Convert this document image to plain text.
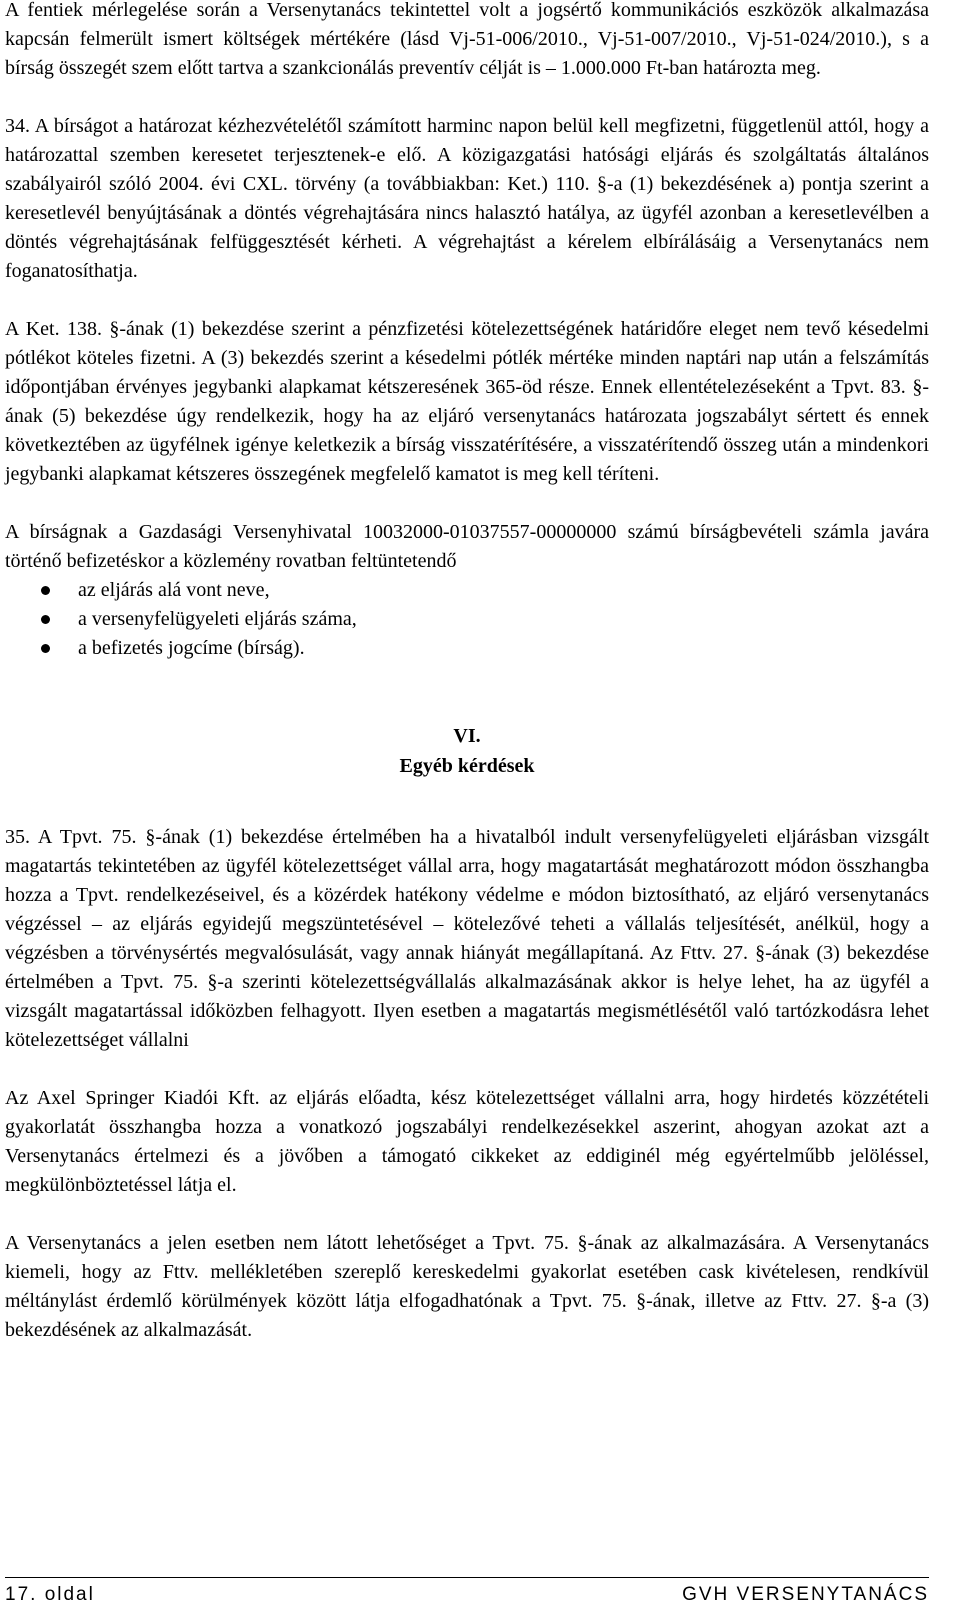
A fentiek mérlegelése során a Versenytanács tekintettel volt a jogsértő kommunikációs eszközök alkalmazása kapcsán felmerült ismert költségek mértékére (lásd Vj-51-006/2010., Vj-51-007/2010., Vj-51-024/2010.), s a bírság összegét szem előtt tartva a szankcionálás preventív célját is – 1.000.000 Ft-ban határozta meg.

34. A bírságot a határozat kézhezvételétől számított harminc napon belül kell megfizetni, függetlenül attól, hogy a határozattal szemben keresetet terjesztenek-e elő. A közigazgatási hatósági eljárás és szolgáltatás általános szabályairól szóló 2004. évi CXL. törvény (a továbbiakban: Ket.) 110. §-a (1) bekezdésének a) pontja szerint a keresetlevél benyújtásának a döntés végrehajtására nincs halasztó hatálya, az ügyfél azonban a keresetlevélben a döntés végrehajtásának felfüggesztését kérheti. A végrehajtást a kérelem elbírálásáig a Versenytanács nem foganatosíthatja.

A Ket. 138. §-ának (1) bekezdése szerint a pénzfizetési kötelezettségének határidőre eleget nem tevő késedelmi pótlékot köteles fizetni. A (3) bekezdés szerint a késedelmi pótlék mértéke minden naptári nap után a felszámítás időpontjában érvényes jegybanki alapkamat kétszeresének 365-öd része. Ennek ellentételezéseként a Tpvt. 83. §-ának (5) bekezdése úgy rendelkezik, hogy ha az eljáró versenytanács határozata jogszabályt sértett és ennek következtében az ügyfélnek igénye keletkezik a bírság visszatérítésére, a visszatérítendő összeg után a mindenkori jegybanki alapkamat kétszeres összegének megfelelő kamatot is meg kell téríteni.

A bírságnak a Gazdasági Versenyhivatal 10032000-01037557-00000000 számú bírságbevételi számla javára történő befizetéskor a közlemény rovatban feltüntetendő

az eljárás alá vont neve,
a versenyfelügyeleti eljárás száma,
a befizetés jogcíme (bírság).
VI.
Egyéb kérdések

35. A Tpvt. 75. §-ának (1) bekezdése értelmében ha a hivatalból indult versenyfelügyeleti eljárásban vizsgált magatartás tekintetében az ügyfél kötelezettséget vállal arra, hogy magatartását meghatározott módon összhangba hozza a Tpvt. rendelkezéseivel, és a közérdek hatékony védelme e módon biztosítható, az eljáró versenytanács végzéssel – az eljárás egyidejű megszüntetésével – kötelezővé teheti a vállalás teljesítését, anélkül, hogy a végzésben a törvénysértés megvalósulását, vagy annak hiányát megállapítaná. Az Fttv. 27. §-ának (3) bekezdése értelmében a Tpvt. 75. §-a szerinti kötelezettségvállalás alkalmazásának akkor is helye lehet, ha az ügyfél a vizsgált magatartással időközben felhagyott. Ilyen esetben a magatartás megismétlésétől való tartózkodásra lehet kötelezettséget vállalni

Az Axel Springer Kiadói Kft. az eljárás előadta, kész kötelezettséget vállalni arra, hogy hirdetés közzétételi gyakorlatát összhangba hozza a vonatkozó jogszabályi rendelkezésekkel aszerint, ahogyan azokat azt a Versenytanács értelmezi és a jövőben a támogató cikkeket az eddiginél még egyértelműbb jelöléssel, megkülönböztetéssel látja el.

A Versenytanács a jelen esetben nem látott lehetőséget a Tpvt. 75. §-ának az alkalmazására. A Versenytanács kiemeli, hogy az Fttv. mellékletében szereplő kereskedelmi gyakorlat esetében cask kivételesen, rendkívül méltánylást érdemlő körülmények között látja elfogadhatónak a Tpvt. 75. §-ának, illetve az Fttv. 27. §-a (3) bekezdésének az alkalmazását.

17. oldal	GVH VERSENYTANÁCS
